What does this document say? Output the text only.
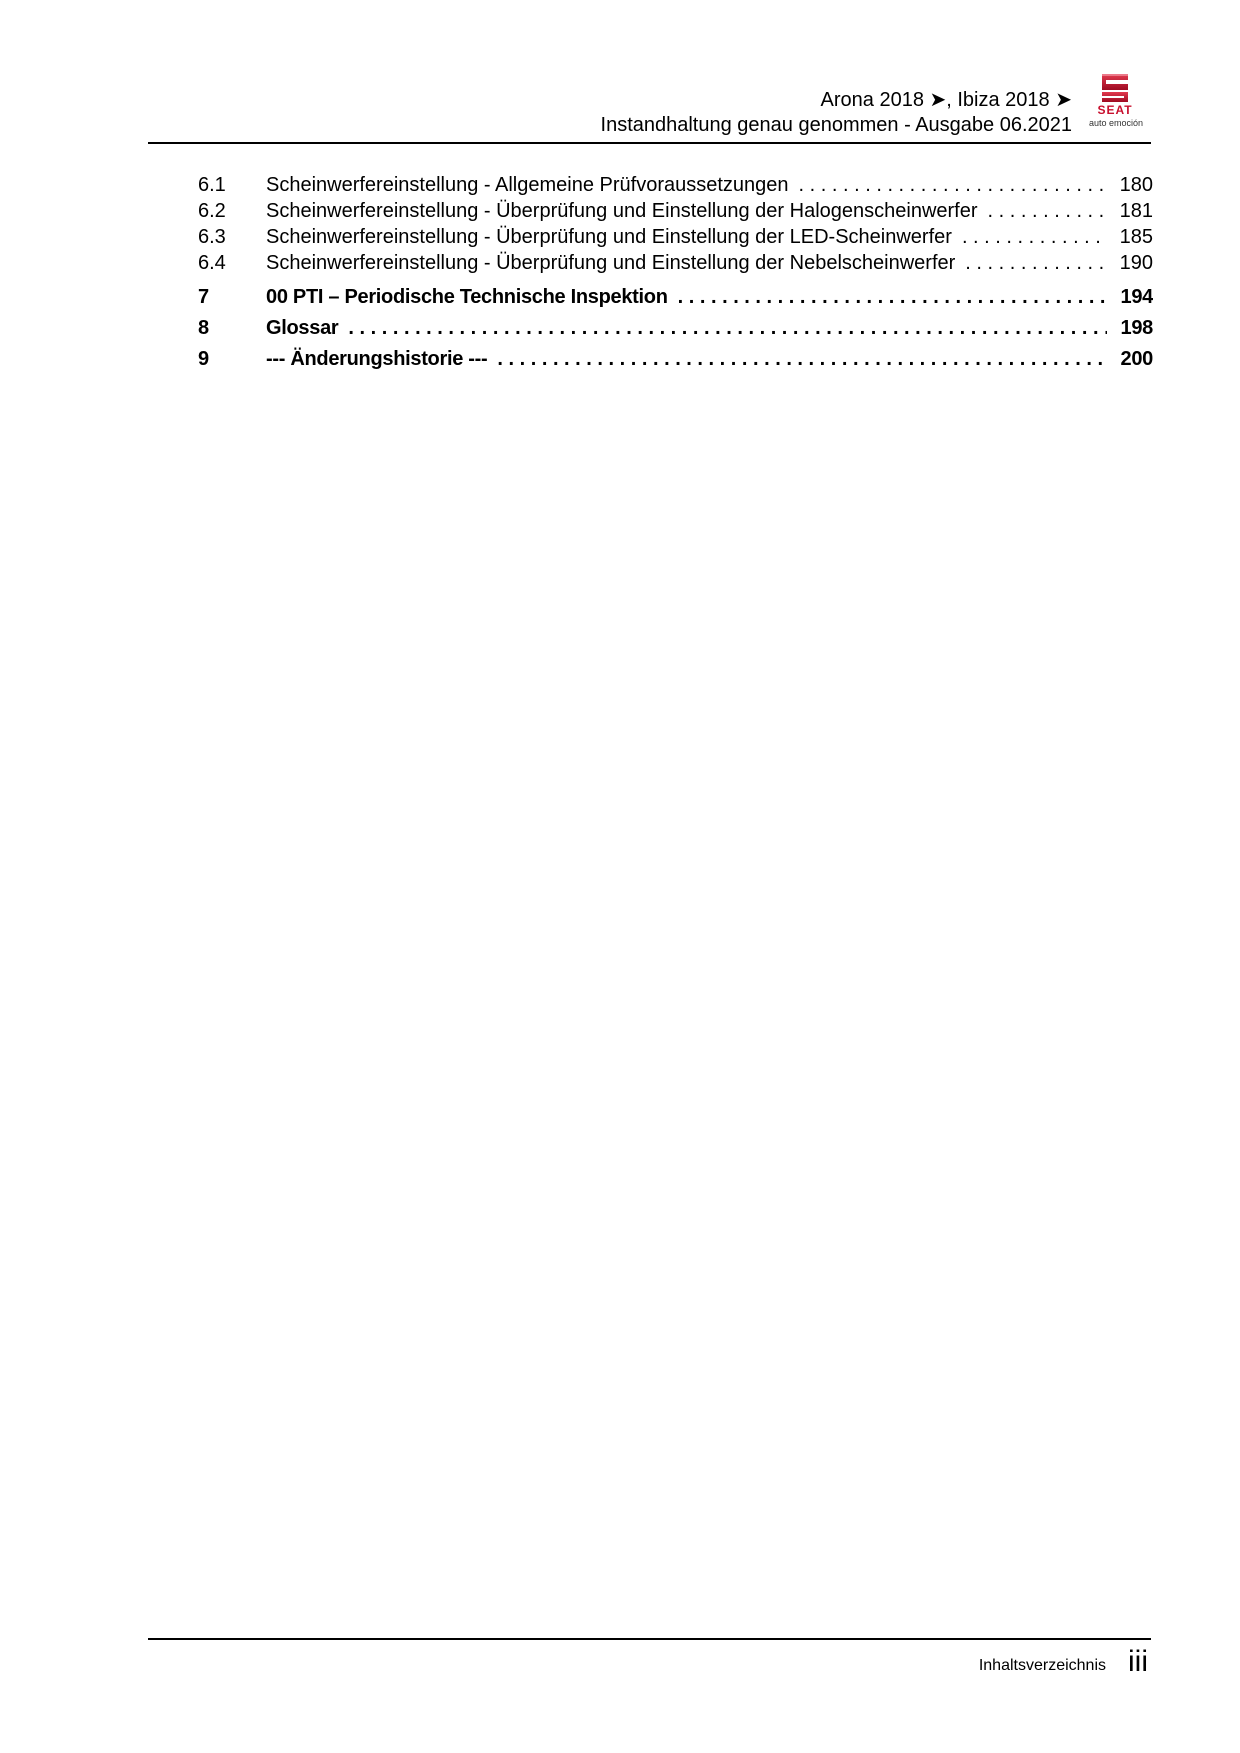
Arona 2018 ➤, Ibiza 2018 ➤
Instandhaltung genau genommen - Ausgabe 06.2021
SEAT
auto emoción
6.1	Scheinwerfereinstellung - Allgemeine Prüfvoraussetzungen . . .	180
6.2	Scheinwerfereinstellung - Überprüfung und Einstellung der Halogenscheinwerfer . . .	181
6.3	Scheinwerfereinstellung - Überprüfung und Einstellung der LED-Scheinwerfer . . .	185
6.4	Scheinwerfereinstellung - Überprüfung und Einstellung der Nebelscheinwerfer . . .	190
7	00 PTI – Periodische Technische Inspektion . . .	194
8	Glossar . . .	198
9	--- Änderungshistorie --- . . .	200
Inhaltsverzeichnis iii
